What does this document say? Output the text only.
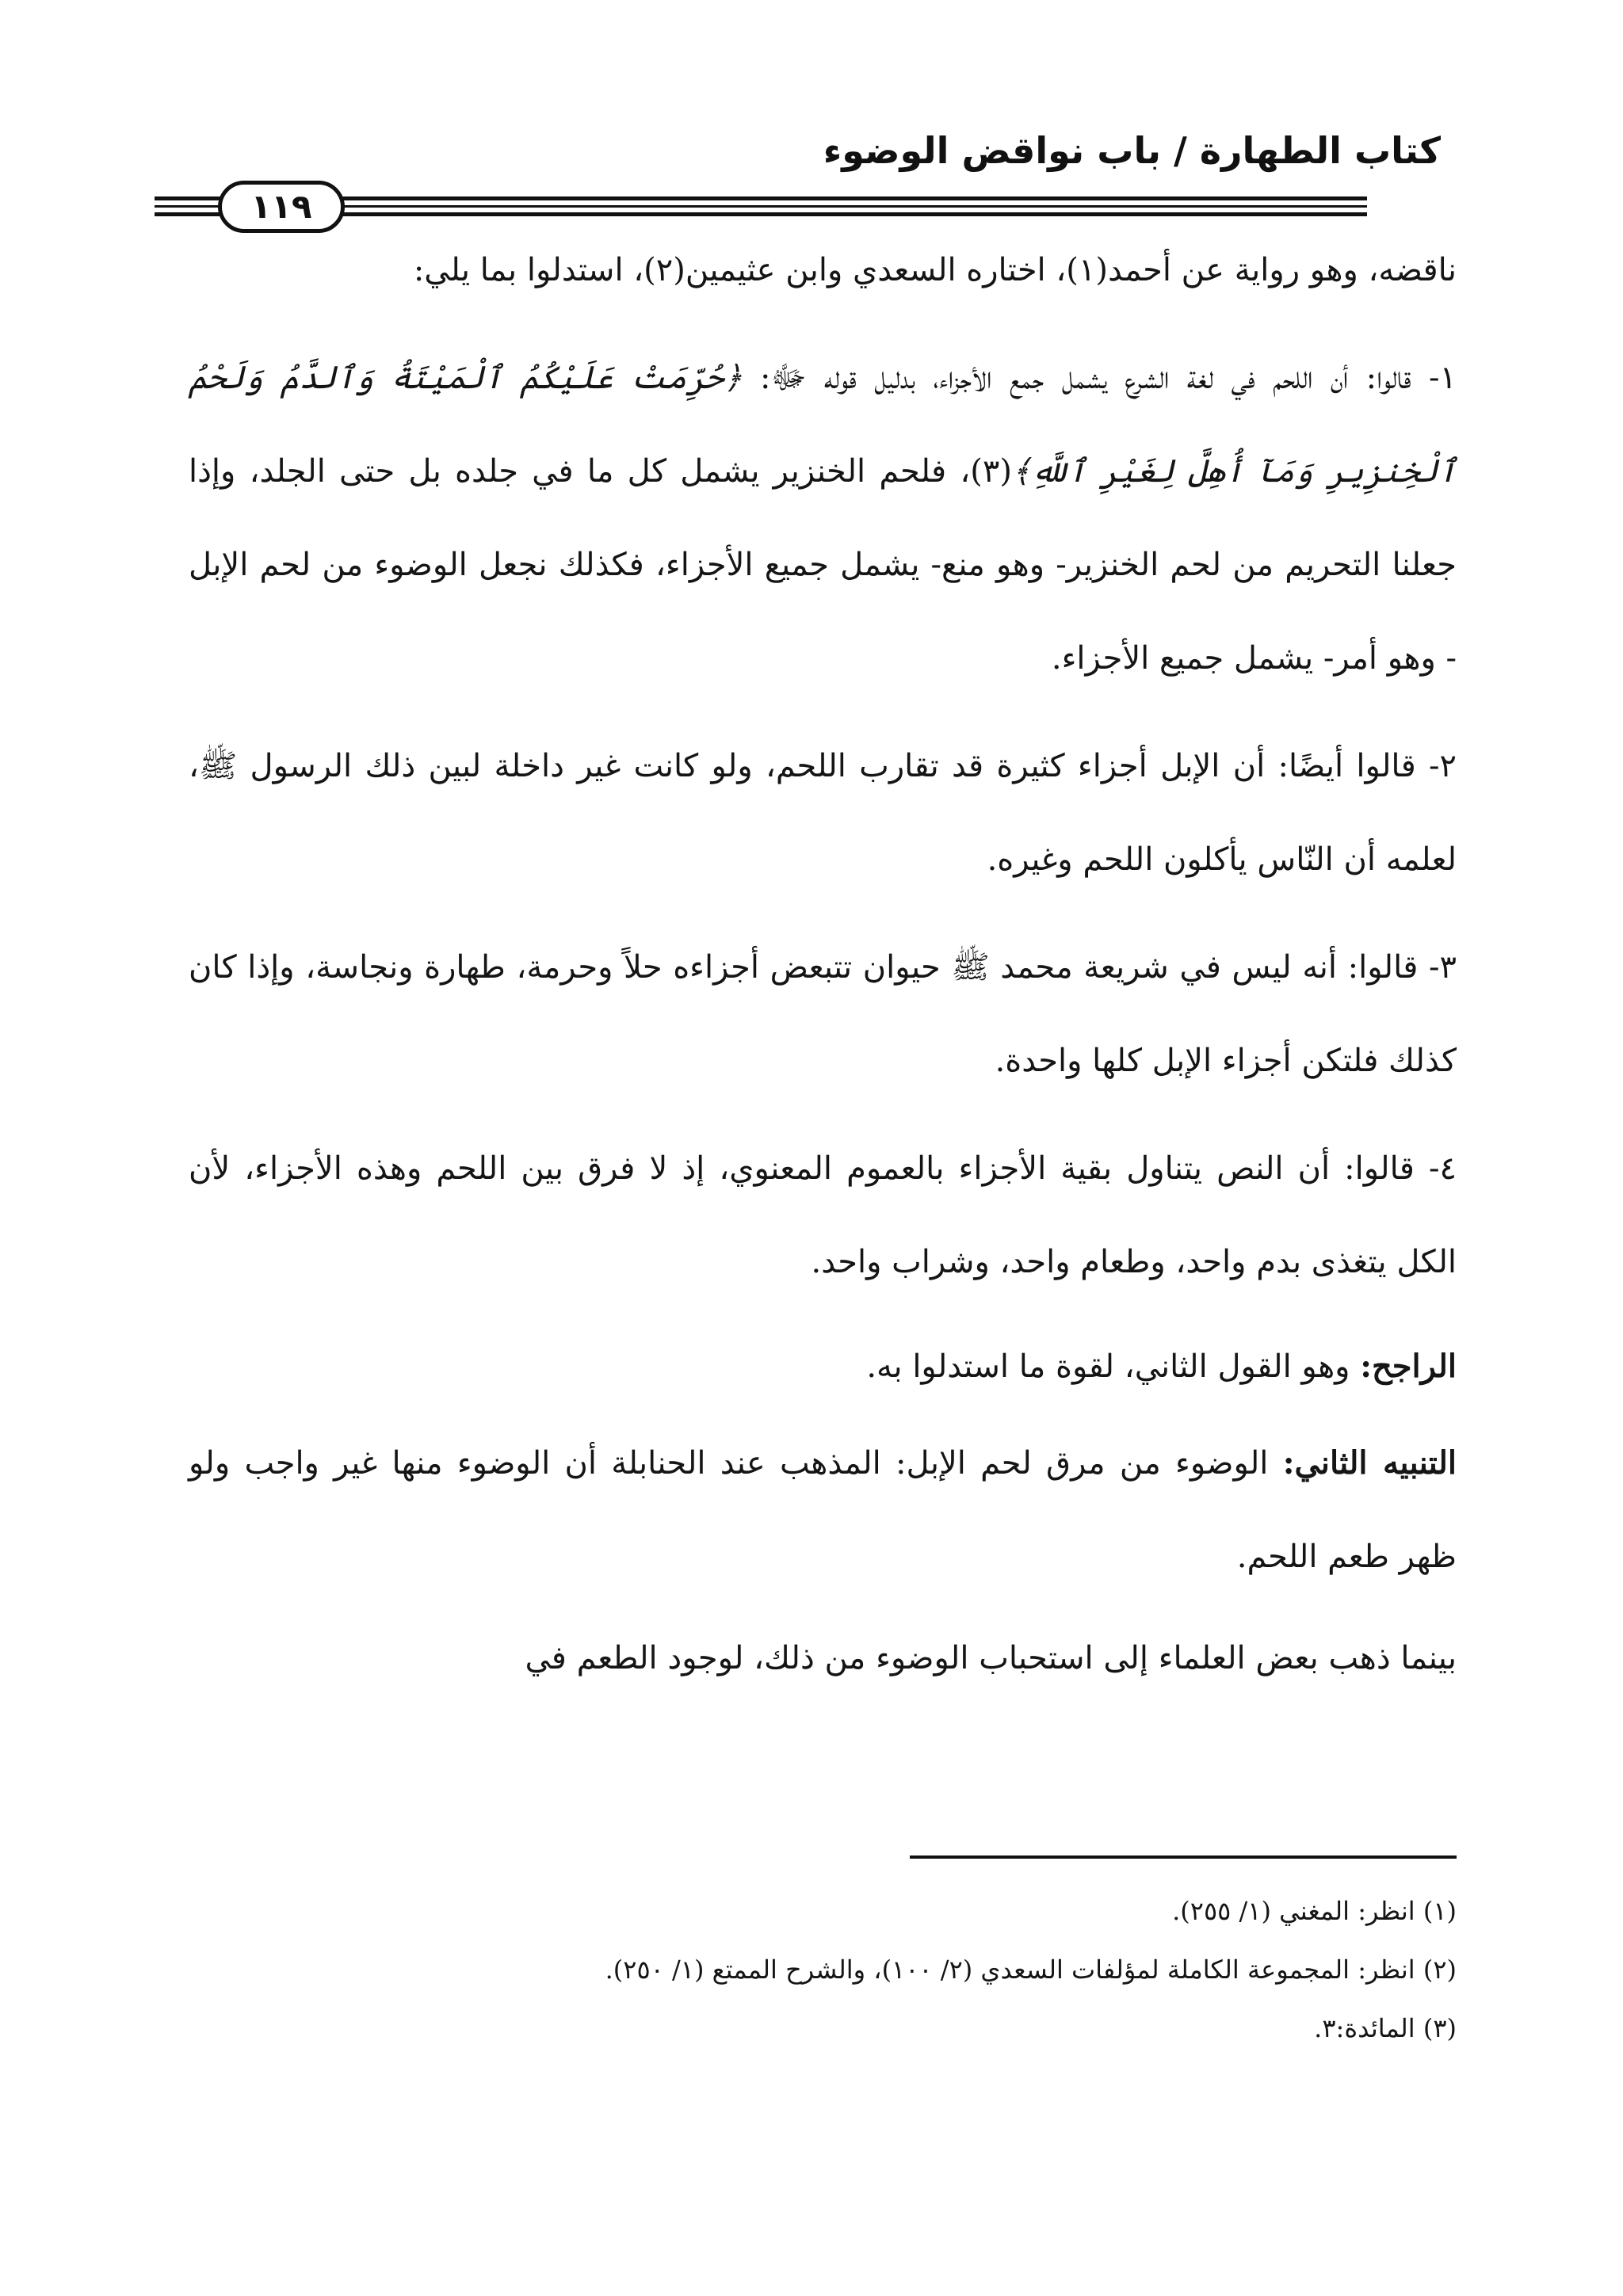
كتاب الطهارة / باب نواقض الوضوء
١١٩

ناقضه، وهو رواية عن أحمد(١)، اختاره السعدي وابن عثيمين(٢)، استدلوا بما يلي:

١- قالوا: أن اللحم في لغة الشرع يشمل جمع الأجزاء، بدليل قوله ﷻ: ﴿حُرِّمَتْ عَلَيْكُمُ ٱلْمَيْتَةُ وَٱلدَّمُ وَلَحْمُ ٱلْخِنزِيرِ وَمَآ أُهِلَّ لِغَيْرِ ٱللَّهِ﴾(٣)، فلحم الخنزير يشمل كل ما في جلده بل حتى الجلد، وإذا جعلنا التحريم من لحم الخنزير- وهو منع- يشمل جميع الأجزاء، فكذلك نجعل الوضوء من لحم الإبل - وهو أمر- يشمل جميع الأجزاء.

٢- قالوا أيضًا: أن الإبل أجزاء كثيرة قد تقارب اللحم، ولو كانت غير داخلة لبين ذلك الرسول ﷺ، لعلمه أن النّاس يأكلون اللحم وغيره.

٣- قالوا: أنه ليس في شريعة محمد ﷺ حيوان تتبعض أجزاءه حلاً وحرمة، طهارة ونجاسة، وإذا كان كذلك فلتكن أجزاء الإبل كلها واحدة.

٤- قالوا: أن النص يتناول بقية الأجزاء بالعموم المعنوي، إذ لا فرق بين اللحم وهذه الأجزاء، لأن الكل يتغذى بدم واحد، وطعام واحد، وشراب واحد.

الراجح: وهو القول الثاني، لقوة ما استدلوا به.

التنبيه الثاني: الوضوء من مرق لحم الإبل: المذهب عند الحنابلة أن الوضوء منها غير واجب ولو ظهر طعم اللحم.

بينما ذهب بعض العلماء إلى استحباب الوضوء من ذلك، لوجود الطعم في

(١) انظر: المغني (١/ ٢٥٥).

(٢) انظر: المجموعة الكاملة لمؤلفات السعدي (٢/ ١٠٠)، والشرح الممتع (١/ ٢٥٠).

(٣) المائدة:٣.
